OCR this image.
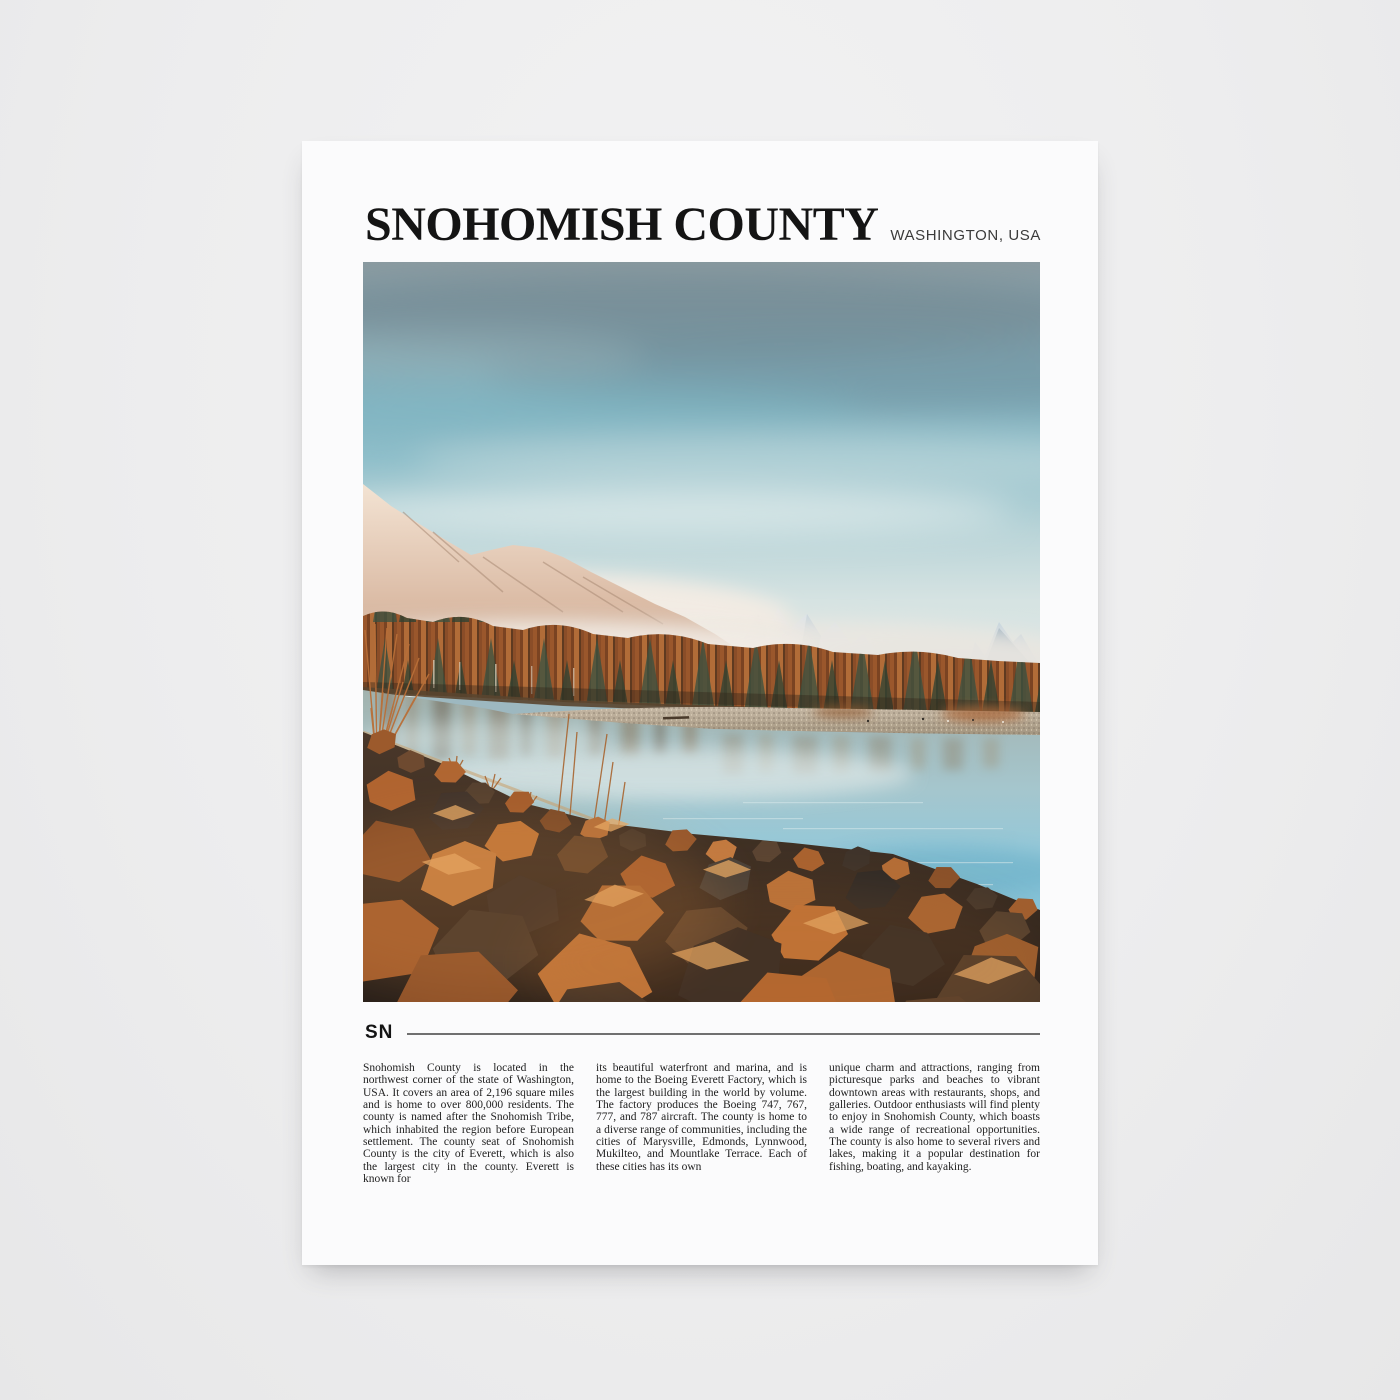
SNOHOMISH COUNTY WASHINGTON, USA
SN
Snohomish County is located in the northwest corner of the state of Washington, USA. It covers an area of 2,196 square miles and is home to over 800,000 residents. The county is named after the Snohomish Tribe, which inhabited the region before European settlement. The county seat of Snohomish County is the city of Everett, which is also the largest city in the county. Everett is known for
its beautiful waterfront and marina, and is home to the Boeing Everett Factory, which is the largest building in the world by volume. The factory produces the Boeing 747, 767, 777, and 787 aircraft. The county is home to a diverse range of communities, including the cities of Marysville, Edmonds, Lynnwood, Mukilteo, and Mountlake Terrace. Each of these cities has its own
unique charm and attractions, ranging from picturesque parks and beaches to vibrant downtown areas with restaurants, shops, and galleries. Outdoor enthusiasts will find plenty to enjoy in Snohomish County, which boasts a wide range of recreational opportunities. The county is also home to several rivers and lakes, making it a popular destination for fishing, boating, and kayaking.
